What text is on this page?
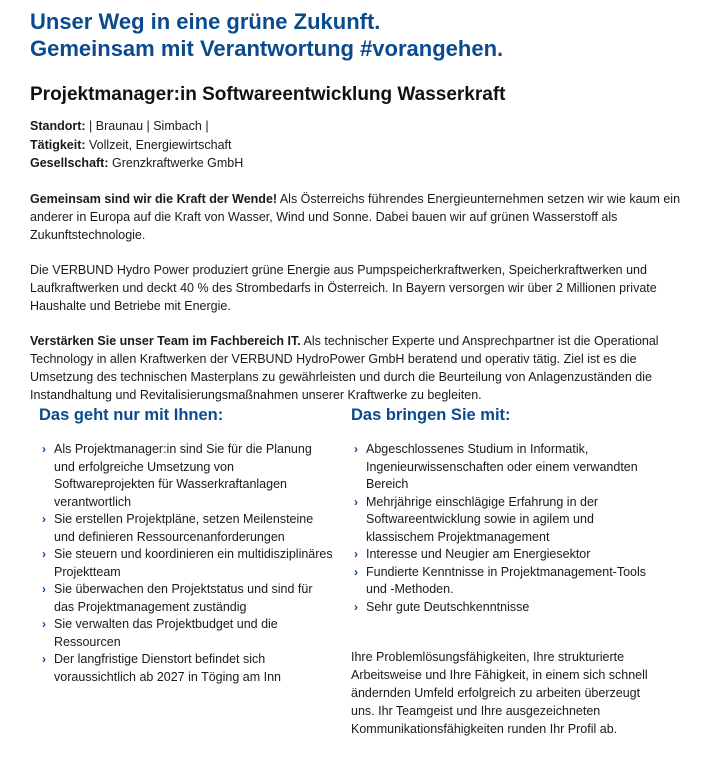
Unser Weg in eine grüne Zukunft.
Gemeinsam mit Verantwortung #vorangehen.
Projektmanager:in Softwareentwicklung Wasserkraft
Standort: | Braunau | Simbach |
Tätigkeit: Vollzeit, Energiewirtschaft
Gesellschaft: Grenzkraftwerke GmbH

Gemeinsam sind wir die Kraft der Wende! Als Österreichs führendes Energieunternehmen setzen wir wie kaum ein anderer in Europa auf die Kraft von Wasser, Wind und Sonne. Dabei bauen wir auf grünen Wasserstoff als Zukunftstechnologie.

Die VERBUND Hydro Power produziert grüne Energie aus Pumpspeicherkraftwerken, Speicherkraftwerken und Laufkraftwerken und deckt 40 % des Strombedarfs in Österreich. In Bayern versorgen wir über 2 Millionen private Haushalte und Betriebe mit Energie.

Verstärken Sie unser Team im Fachbereich IT. Als technischer Experte und Ansprechpartner ist die Operational Technology in allen Kraftwerken der VERBUND HydroPower GmbH beratend und operativ tätig. Ziel ist es die Umsetzung des technischen Masterplans zu gewährleisten und durch die Beurteilung von Anlagenzuständen die Instandhaltung und Revitalisierungsmaßnahmen unserer Kraftwerke zu begleiten.

Das geht nur mit Ihnen:
› Als Projektmanager:in sind Sie für die Planung und erfolgreiche Umsetzung von Softwareprojekten für Wasserkraftanlagen verantwortlich
› Sie erstellen Projektpläne, setzen Meilensteine und definieren Ressourcenanforderungen
› Sie steuern und koordinieren ein multidisziplinäres Projektteam
› Sie überwachen den Projektstatus und sind für das Projektmanagement zuständig
› Sie verwalten das Projektbudget und die Ressourcen
› Der langfristige Dienstort befindet sich voraussichtlich ab 2027 in Töging am Inn
Das bringen Sie mit:
› Abgeschlossenes Studium in Informatik, Ingenieurwissenschaften oder einem verwandten Bereich
› Mehrjährige einschlägige Erfahrung in der Softwareentwicklung sowie in agilem und klassischem Projektmanagement
› Interesse und Neugier am Energiesektor
› Fundierte Kenntnisse in Projektmanagement-Tools und -Methoden.
› Sehr gute Deutschkenntnisse

Ihre Problemlösungsfähigkeiten, Ihre strukturierte Arbeitsweise und Ihre Fähigkeit, in einem sich schnell ändernden Umfeld erfolgreich zu arbeiten überzeugt uns. Ihr Teamgeist und Ihre ausgezeichneten Kommunikationsfähigkeiten runden Ihr Profil ab.
